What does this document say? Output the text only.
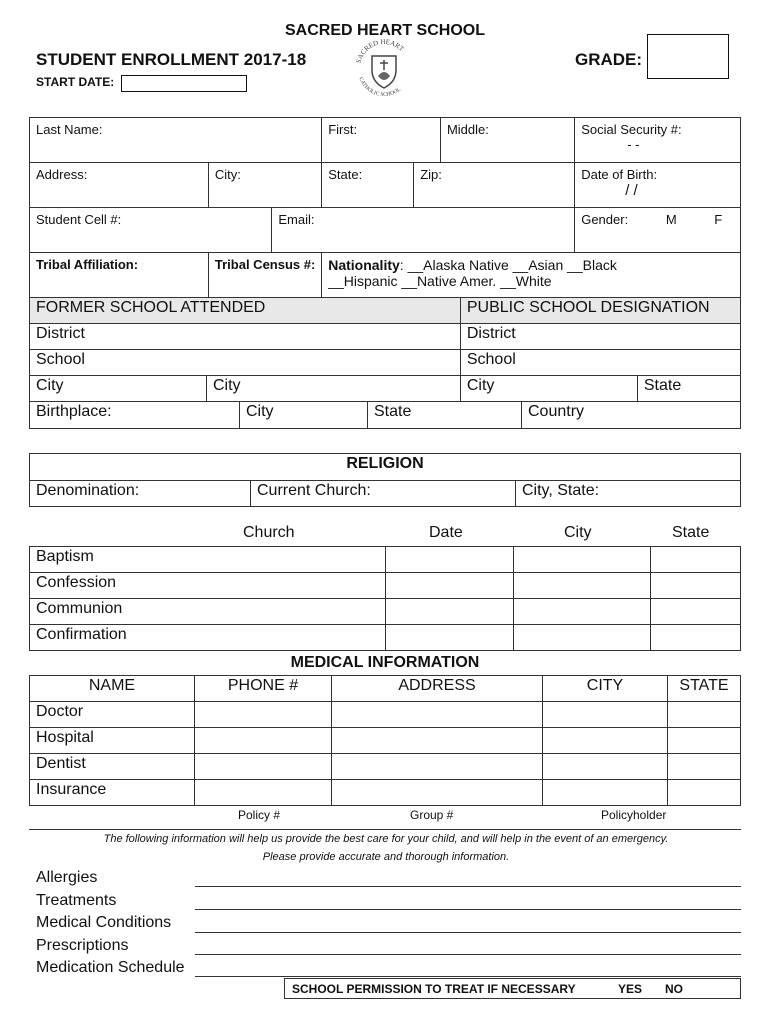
SACRED HEART SCHOOL
STUDENT ENROLLMENT 2017-18
START DATE:
GRADE:
SACRED HEART
CATHOLIC SCHOOL
Last Name:			First:		Middle:	Social Security #:
- -

Address:	City:		State:	Zip:		Date of Birth:
/ /

Student Cell #:		Email:				Gender: M F
Tribal Affiliation:	Tribal Census #:		Nationality: __Alaska Native __Asian __Black
__Hispanic __Native Amer. __White			
FORMER SCHOOL ATTENDED		PUBLIC SCHOOL DESIGNATION	
District		District	
School		School	
City	City	City	State
Birthplace:	City	State	Country
RELIGION
Denomination:	Current Church:	City, State:
Church	Date	City	State
Baptism			
Confession			
Communion			
Confirmation			
MEDICAL INFORMATION
NAME	PHONE #	ADDRESS	CITY	STATE
Doctor				
Hospital				
Dentist				
Insurance				
Policy #	Group #	Policyholder
The following information will help us provide the best care for your child, and will help in the event of an emergency.
Please provide accurate and thorough information.
Allergies
Treatments
Medical Conditions
Prescriptions
Medication Schedule
SCHOOL PERMISSION TO TREAT IF NECESSARY	YES NO
